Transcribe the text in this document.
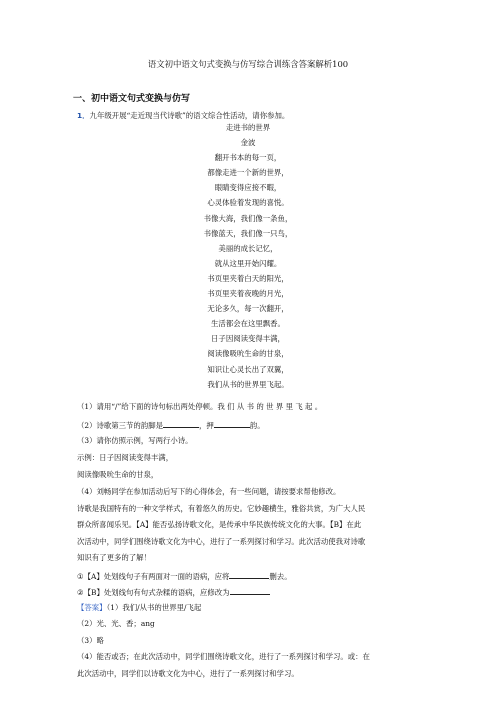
语文初中语文句式变换与仿写综合训练含答案解析100
一、初中语文句式变换与仿写
1．九年级开展“走近现当代诗歌”的语文综合性活动，请你参加。
走进书的世界
金波
翻开书本的每一页，
都像走进一个新的世界，
眼睛变得应接不暇，
心灵体验着发现的喜悦。
书像大海，我们像一条鱼，
书像蓝天，我们像一只鸟，
美丽的成长记忆，
就从这里开始闪耀。
书页里夹着白天的阳光，
书页里夹着夜晚的月光，
无论多久，每一次翻开，
生活都会在这里飘香。
日子因阅读变得丰满，
阅读像吸吮生命的甘泉，
知识让心灵长出了双翼，
我们从书的世界里飞起。
（1）请用“/”给下面的诗句标出两处停顿。我 们 从 书 的 世 界 里 飞 起 。
（2）诗歌第三节的韵脚是	，押	韵。
（3）请你仿照示例，写两行小诗。
示例：日子因阅读变得丰满，
阅读像吸吮生命的甘泉，
（4）刘畅同学在参加活动后写下的心得体会，有一些问题，请按要求帮他修改。
诗歌是我国特有的一种文学样式，有着悠久的历史。它妙趣横生，雅俗共赏，为广大人民
群众所喜闻乐见。【A】能否弘扬诗歌文化，是传承中华民族传统文化的大事。【B】在此
次活动中，同学们围绕诗歌文化为中心，进行了一系列探讨和学习。此次活动使我对诗歌
知识有了更多的了解！
①【A】处划线句子有两面对一面的语病，应将	删去。
②【B】处划线句有句式杂糅的语病，应修改为
【答案】（1）我们/从书的世界里/飞起
（2）光、光、香；ang
（3）略
（4）能否或否；在此次活动中，同学们围绕诗歌文化，进行了一系列探讨和学习。或：在
此次活动中，同学们以诗歌文化为中心，进行了一系列探讨和学习。
